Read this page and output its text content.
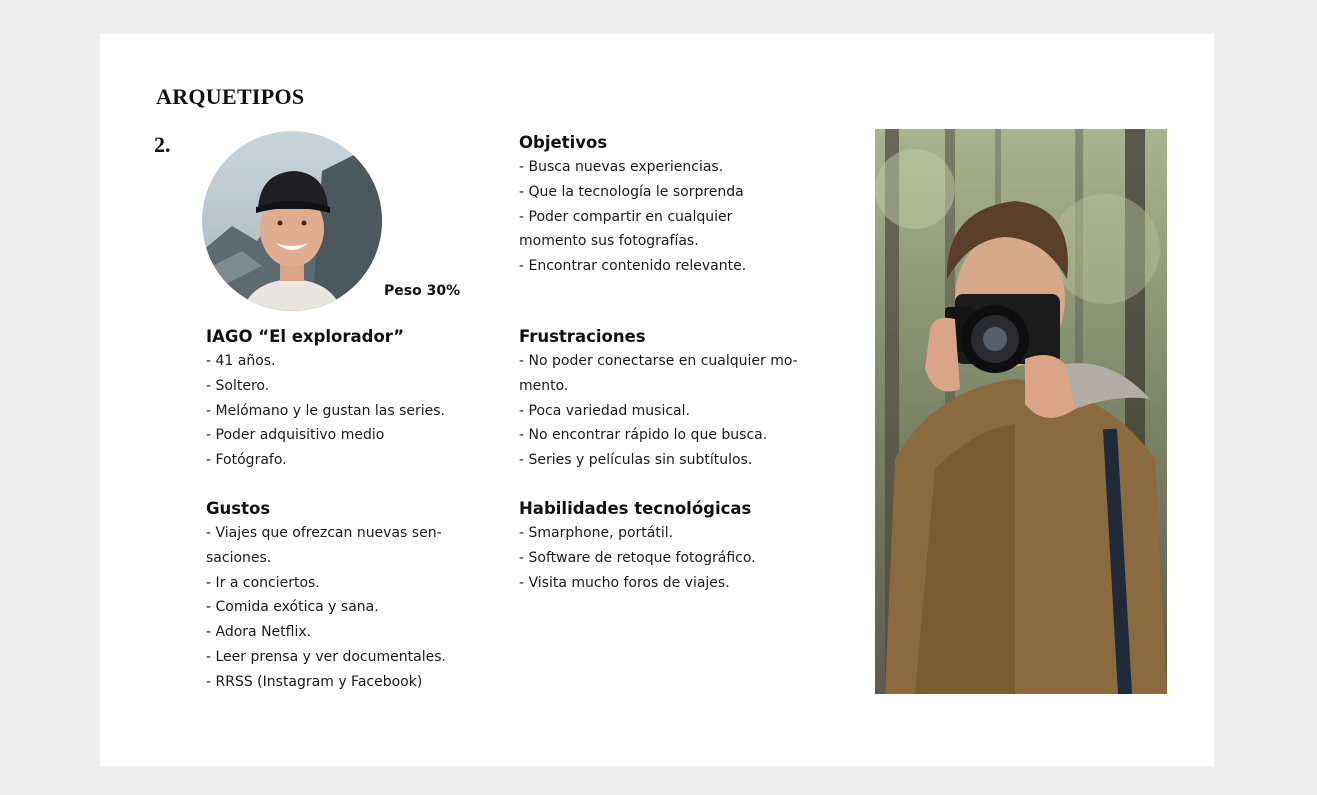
ARQUETIPOS
2.
Peso 30%
IAGO “El explorador”
- 41 años.
- Soltero.
- Melómano y le gustan las series.
- Poder adquisitivo medio
- Fotógrafo.
Gustos
- Viajes que ofrezcan nuevas sen-
saciones.
- Ir a conciertos.
- Comida exótica y sana.
- Adora Netflix.
- Leer prensa y ver documentales.
- RRSS (Instagram y Facebook)
Objetivos
- Busca nuevas experiencias.
- Que la tecnología le sorprenda
- Poder compartir en cualquier
momento sus fotografías.
- Encontrar contenido relevante.
Frustraciones
- No poder conectarse en cualquier mo-
mento.
- Poca variedad musical.
- No encontrar rápido lo que busca.
- Series y películas sin subtítulos.
Habilidades tecnológicas
- Smarphone, portátil.
- Software de retoque fotográfico.
- Visita mucho foros de viajes.
